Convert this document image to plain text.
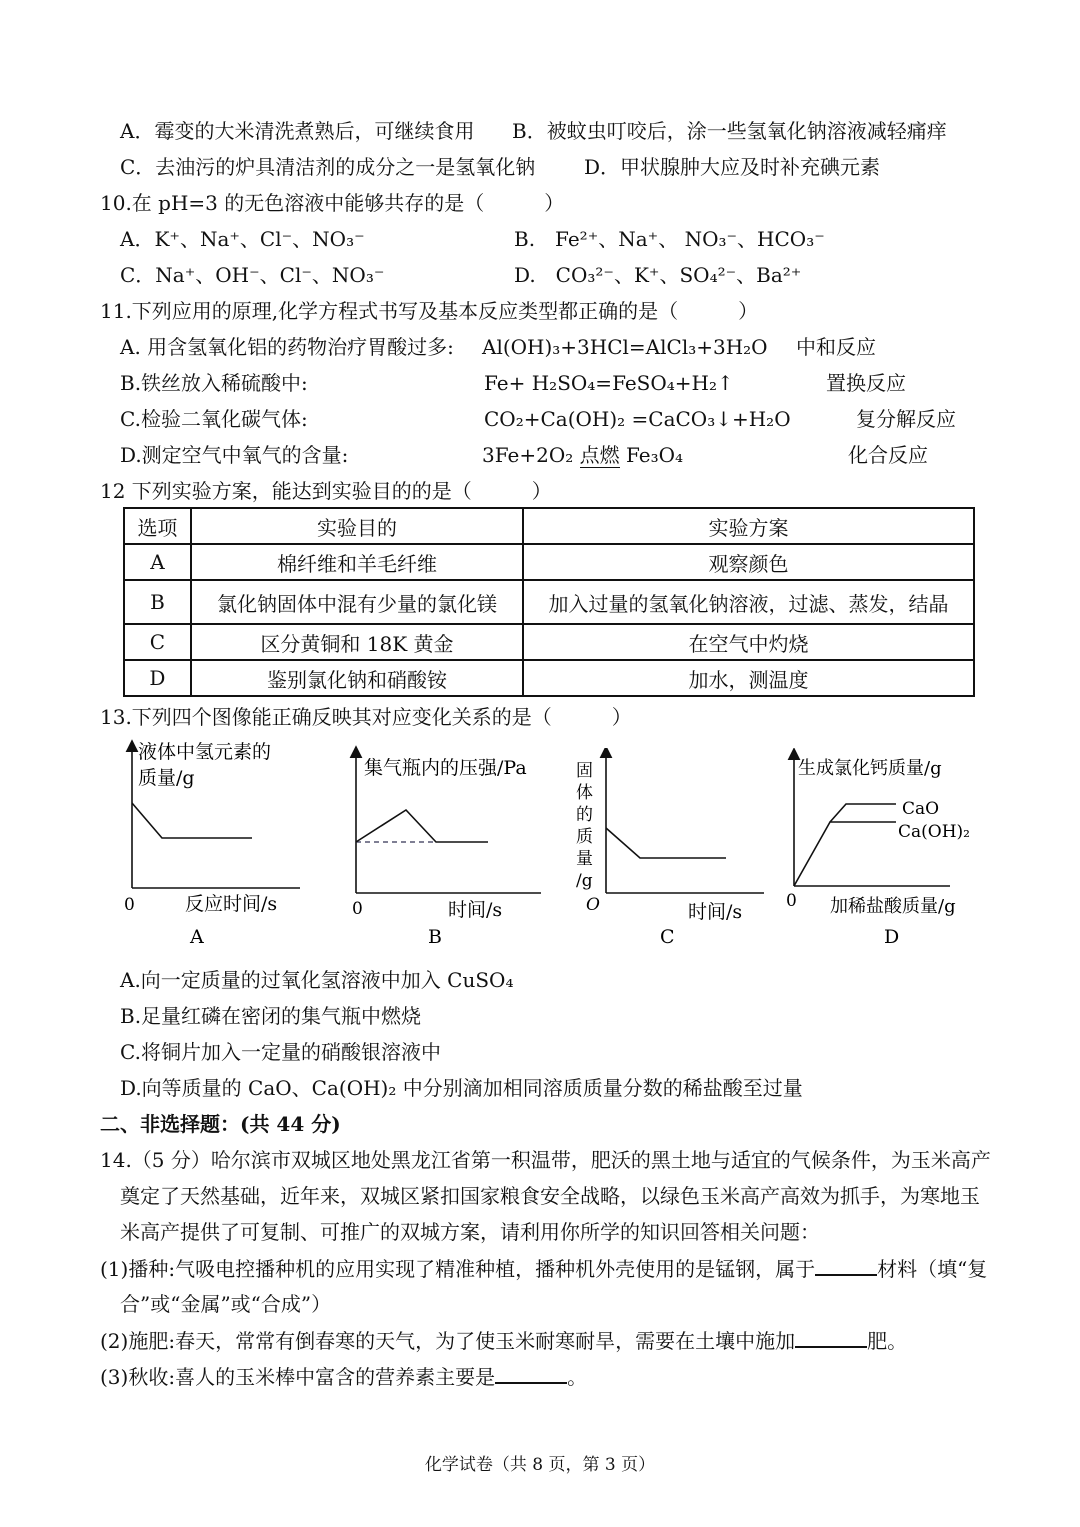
A．霉变的大米清洗煮熟后，可继续食用 B．被蚊虫叮咬后，涂一些氢氧化钠溶液减轻痛痒
C．去油污的炉具清洁剂的成分之一是氢氧化钠 D．甲状腺肿大应及时补充碘元素
10.在 pH=3 的无色溶液中能够共存的是（　　　）
A．K⁺、Na⁺、Cl⁻、NO₃⁻	B.　Fe²⁺、Na⁺、 NO₃⁻、HCO₃⁻
C．Na⁺、OH⁻、Cl⁻、NO₃⁻	D.　CO₃²⁻、K⁺、SO₄²⁻、Ba²⁺
11.下列应用的原理,化学方程式书写及基本反应类型都正确的是（　　　）
A. 用含氢氧化铝的药物治疗胃酸过多: Al(OH)₃+3HCl=AlCl₃+3H₂O 中和反应
B.铁丝放入稀硫酸中:	Fe+ H₂SO₄=FeSO₄+H₂↑	置换反应
C.检验二氧化碳气体:	CO₂+Ca(OH)₂ =CaCO₃↓+H₂O	复分解反应
D.测定空气中氧气的含量:	3Fe+2O₂ 点燃 Fe₃O₄	化合反应
12 下列实验方案，能达到实验目的的是（　　　）
选项	实验目的	实验方案
A	棉纤维和羊毛纤维	观察颜色
B	氯化钠固体中混有少量的氯化镁	加入过量的氢氧化钠溶液，过滤、蒸发，结晶
C	区分黄铜和 18K 黄金	在空气中灼烧
D	鉴别氯化钠和硝酸铵	加水，测温度
13.下列四个图像能正确反映其对应变化关系的是（　　　）
液体中氢元素的
质量/g
0	反应时间/s
A
集气瓶内的压强/Pa
0	时间/s
B
固
体
的
质
量
/g
O	时间/s
C
生成氯化钙质量/g
CaO
Ca(OH)₂
0 加稀盐酸质量/g
D
A.向一定质量的过氧化氢溶液中加入 CuSO₄
B.足量红磷在密闭的集气瓶中燃烧
C.将铜片加入一定量的硝酸银溶液中
D.向等质量的 CaO、Ca(OH)₂ 中分别滴加相同溶质质量分数的稀盐酸至过量
二、非选择题：(共 44 分)
14.（5 分）哈尔滨市双城区地处黑龙江省第一积温带，肥沃的黑土地与适宜的气候条件，为玉米高产
奠定了天然基础，近年来，双城区紧扣国家粮食安全战略，以绿色玉米高产高效为抓手，为寒地玉
米高产提供了可复制、可推广的双城方案，请利用你所学的知识回答相关问题：
(1)播种:气吸电控播种机的应用实现了精准种植，播种机外壳使用的是锰钢，属于	材料（填“复
合”或“金属”或“合成”）
(2)施肥:春天，常常有倒春寒的天气，为了使玉米耐寒耐旱，需要在土壤中施加	肥。
(3)秋收:喜人的玉米棒中富含的营养素主要是	。
化学试卷（共 8 页，第 3 页）
